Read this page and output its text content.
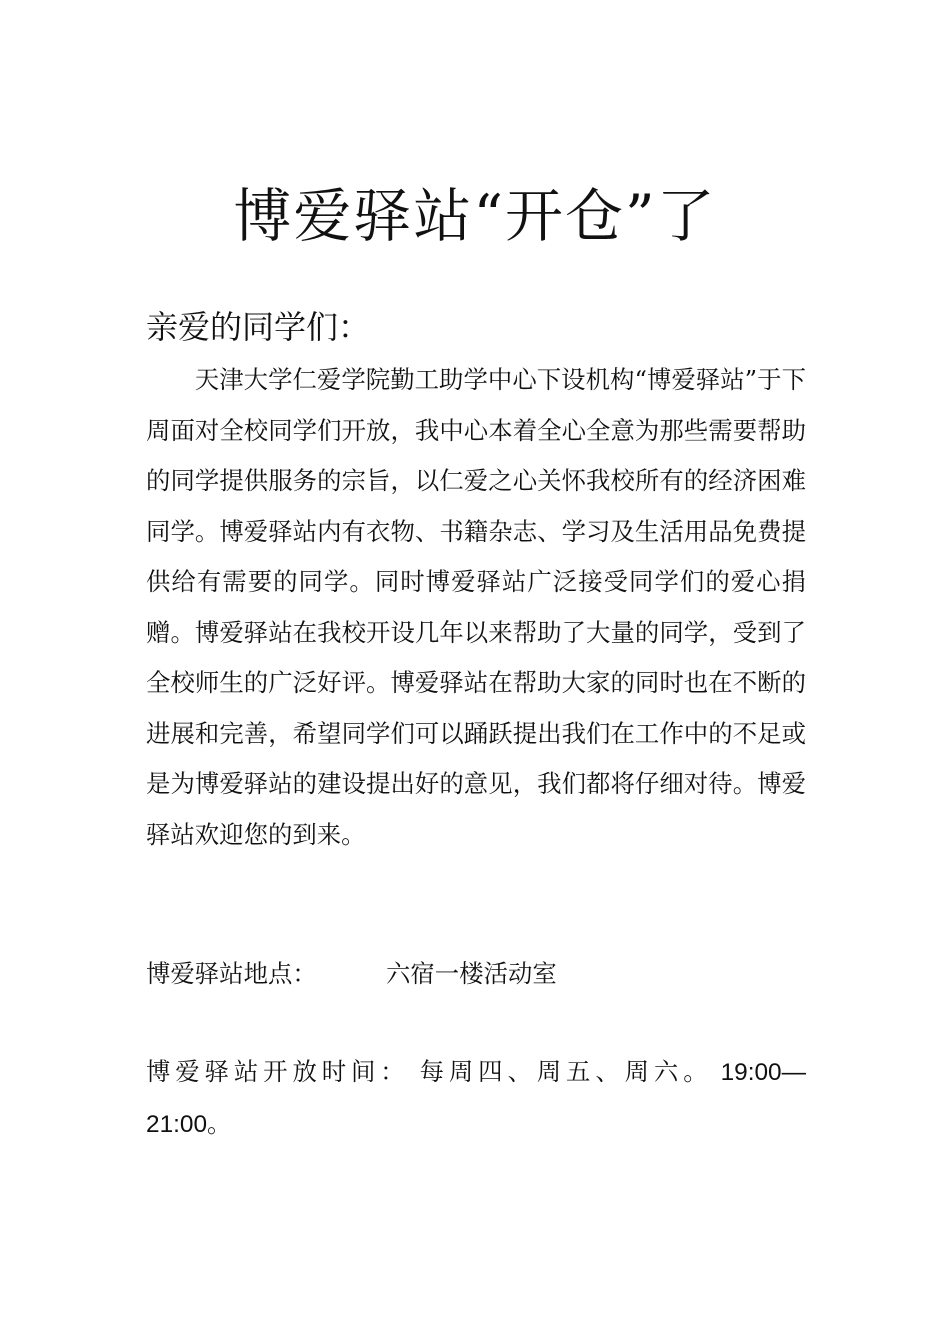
博爱驿站“开仓”了

亲爱的同学们：

天津大学仁爱学院勤工助学中心下设机构“博爱驿站”于下周面对全校同学们开放，我中心本着全心全意为那些需要帮助的同学提供服务的宗旨，以仁爱之心关怀我校所有的经济困难同学。博爱驿站内有衣物、书籍杂志、学习及生活用品免费提供给有需要的同学。同时博爱驿站广泛接受同学们的爱心捐赠。博爱驿站在我校开设几年以来帮助了大量的同学，受到了全校师生的广泛好评。博爱驿站在帮助大家的同时也在不断的进展和完善，希望同学们可以踊跃提出我们在工作中的不足或是为博爱驿站的建设提出好的意见，我们都将仔细对待。博爱驿站欢迎您的到来。

博爱驿站地点：	六宿一楼活动室

博爱驿站开放时间： 每周四、周五、周六。 19:00—21:00。
